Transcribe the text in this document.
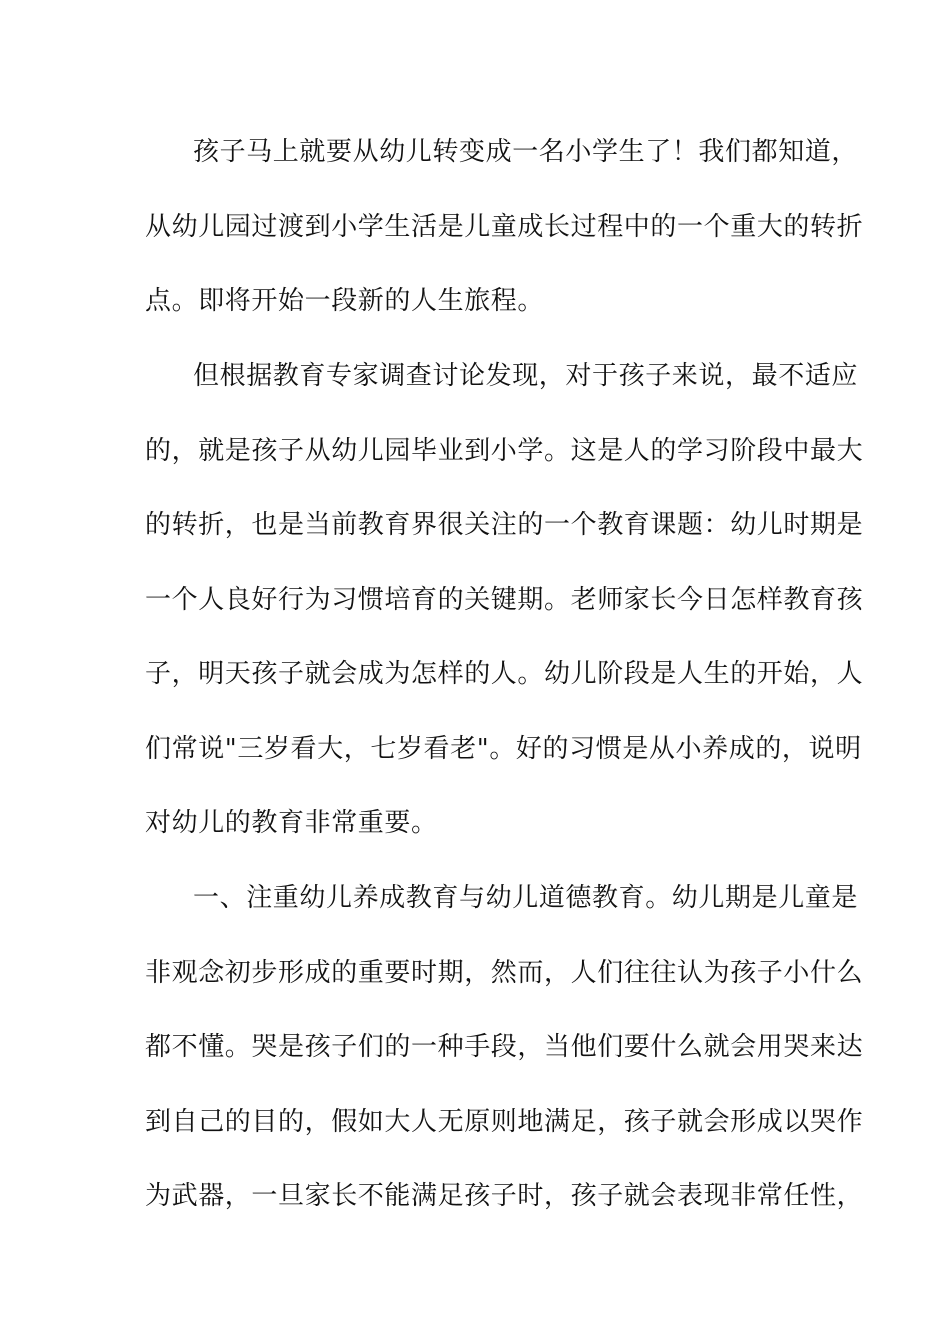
孩子马上就要从幼儿转变成一名小学生了！我们都知道，
从幼儿园过渡到小学生活是儿童成长过程中的一个重大的转折
点。即将开始一段新的人生旅程。
但根据教育专家调查讨论发现，对于孩子来说，最不适应
的，就是孩子从幼儿园毕业到小学。这是人的学习阶段中最大
的转折，也是当前教育界很关注的一个教育课题：幼儿时期是
一个人良好行为习惯培育的关键期。老师家长今日怎样教育孩
子，明天孩子就会成为怎样的人。幼儿阶段是人生的开始，人
们常说"三岁看大，七岁看老"。好的习惯是从小养成的，说明
对幼儿的教育非常重要。
一、注重幼儿养成教育与幼儿道德教育。幼儿期是儿童是
非观念初步形成的重要时期，然而，人们往往认为孩子小什么
都不懂。哭是孩子们的一种手段，当他们要什么就会用哭来达
到自己的目的，假如大人无原则地满足，孩子就会形成以哭作
为武器，一旦家长不能满足孩子时，孩子就会表现非常任性，
